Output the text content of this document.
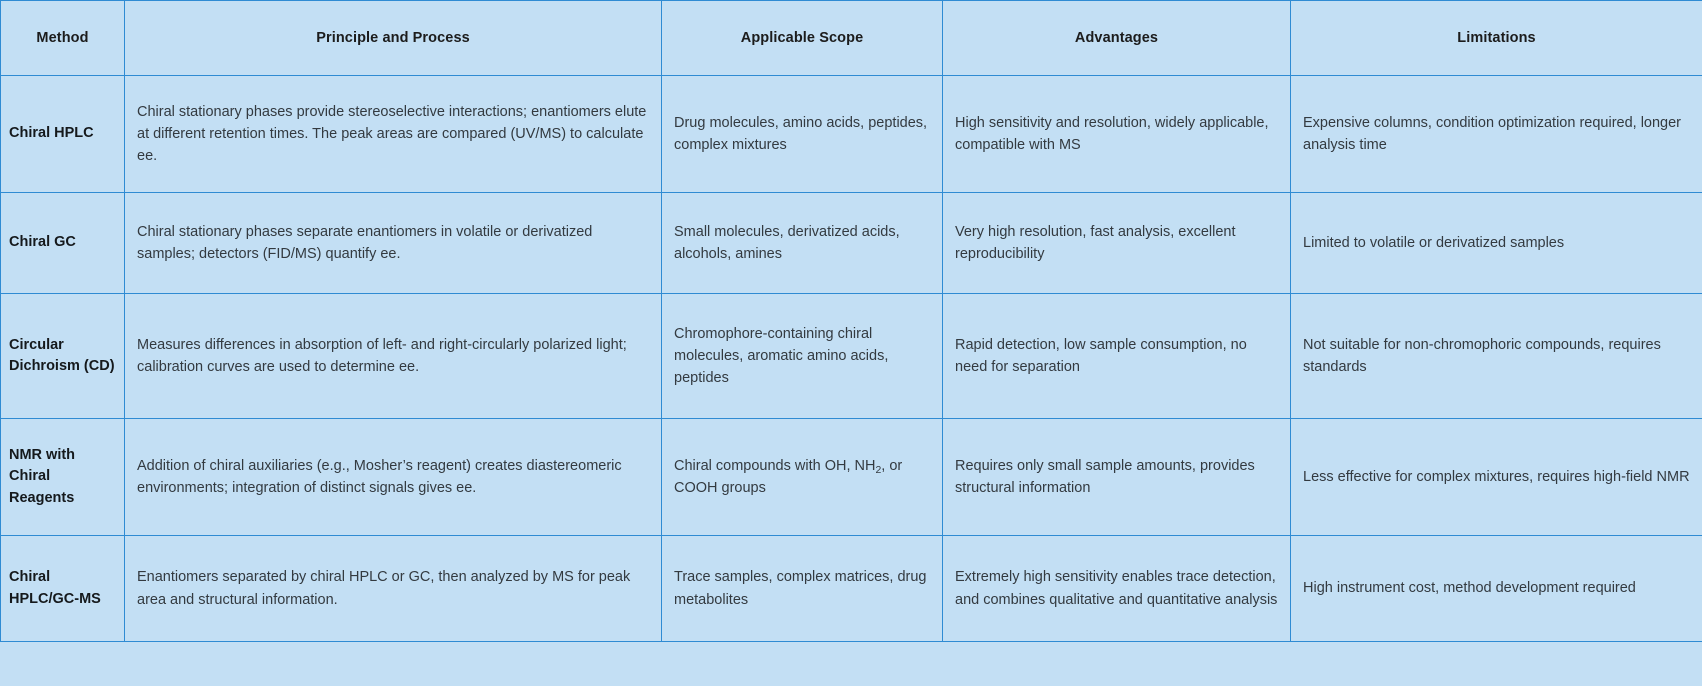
Method	Principle and Process	Applicable Scope	Advantages	Limitations
Chiral HPLC	Chiral stationary phases provide stereoselective interactions; enantiomers elute at different retention times. The peak areas are compared (UV/MS) to calculate ee.	Drug molecules, amino acids, peptides, complex mixtures	High sensitivity and resolution, widely applicable, compatible with MS	Expensive columns, condition optimization required, longer analysis time
Chiral GC	Chiral stationary phases separate enantiomers in volatile or derivatized samples; detectors (FID/MS) quantify ee.	Small molecules, derivatized acids, alcohols, amines	Very high resolution, fast analysis, excellent reproducibility	Limited to volatile or derivatized samples
Circular Dichroism (CD)	Measures differences in absorption of left- and right-circularly polarized light; calibration curves are used to determine ee.	Chromophore-containing chiral molecules, aromatic amino acids, peptides	Rapid detection, low sample consumption, no need for separation	Not suitable for non-chromophoric compounds, requires standards
NMR with Chiral Reagents	Addition of chiral auxiliaries (e.g., Mosher’s reagent) creates diastereomeric environments; integration of distinct signals gives ee.	Chiral compounds with OH, $NH_2$, or COOH groups	Requires only small sample amounts, provides structural information	Less effective for complex mixtures, requires high-field NMR
Chiral HPLC/GC-MS	Enantiomers separated by chiral HPLC or GC, then analyzed by MS for peak area and structural information.	Trace samples, complex matrices, drug metabolites	Extremely high sensitivity enables trace detection, and combines qualitative and quantitative analysis	High instrument cost, method development required
